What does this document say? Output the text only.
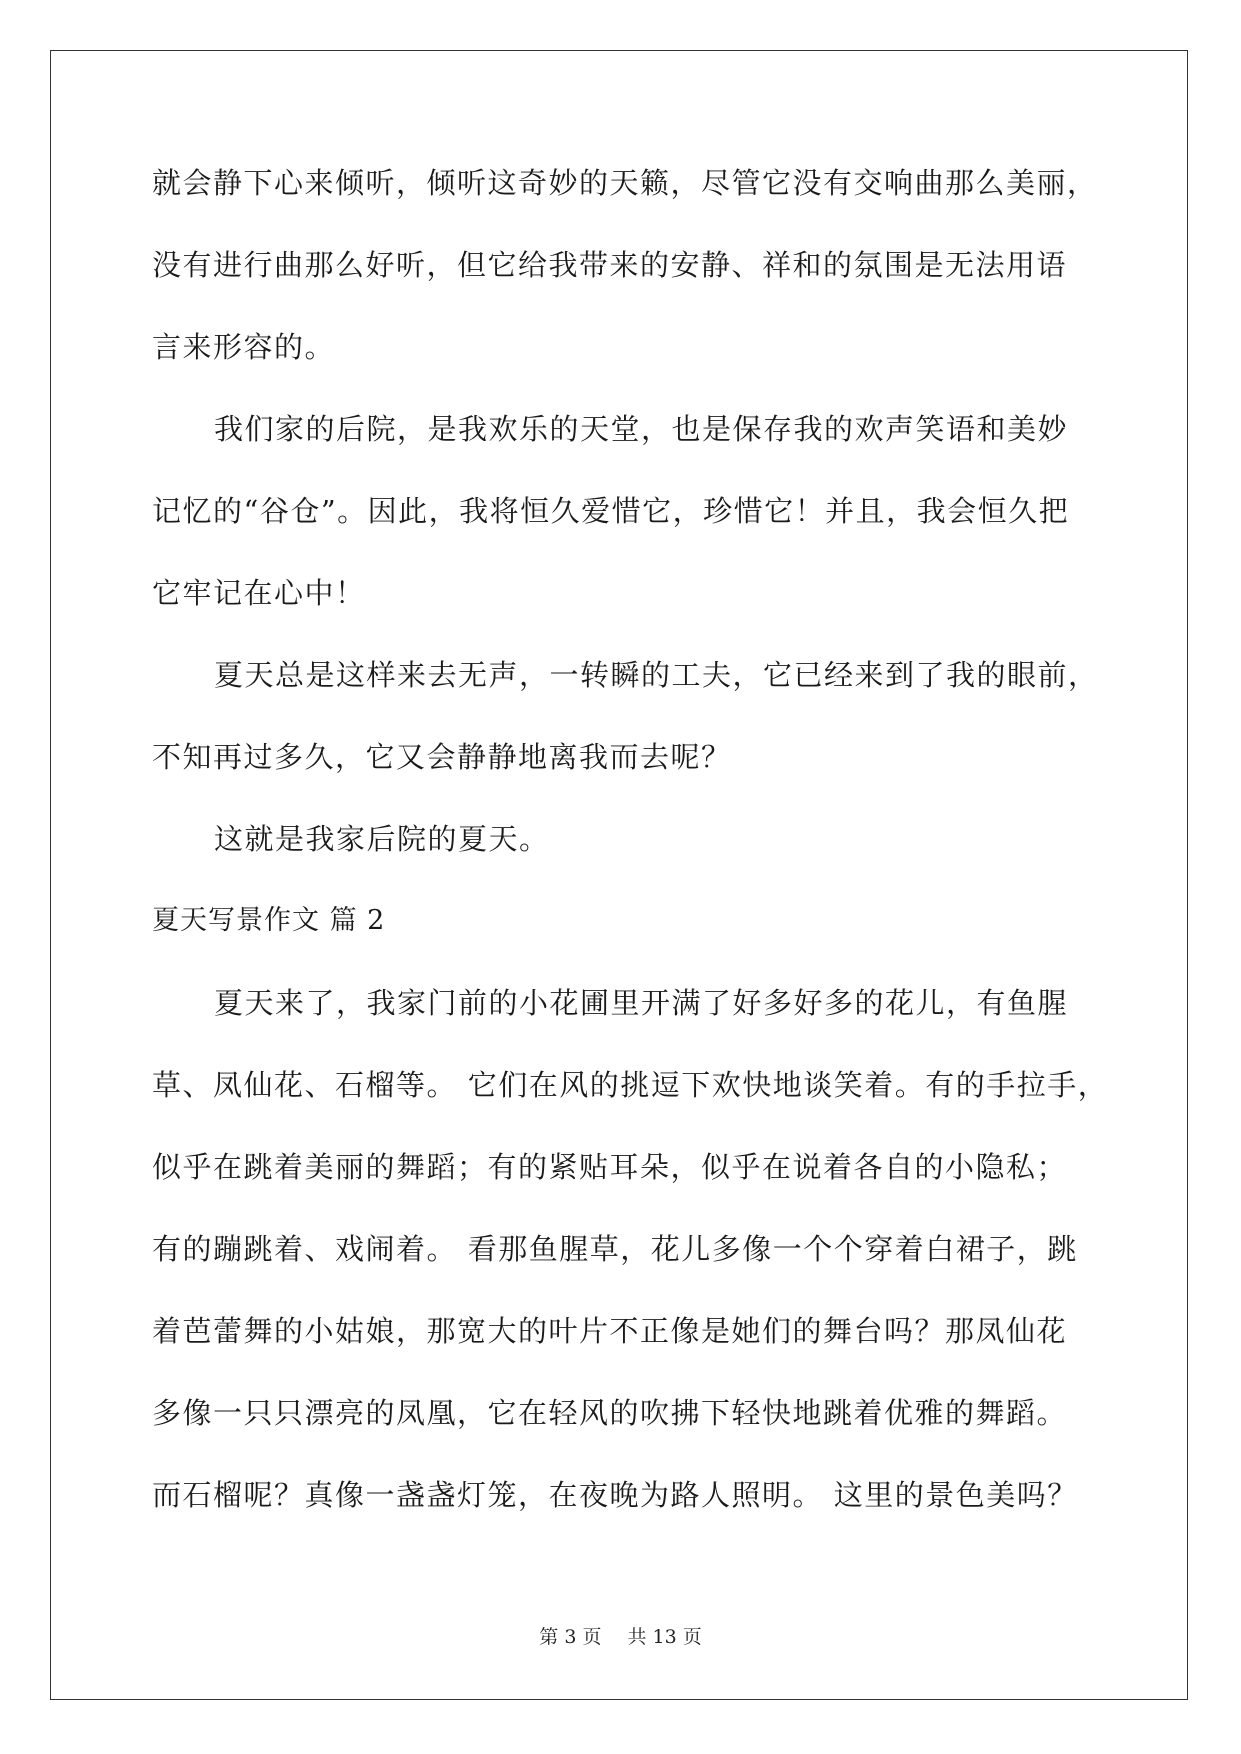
就会静下心来倾听，倾听这奇妙的天籁，尽管它没有交响曲那么美丽，
没有进行曲那么好听，但它给我带来的安静、祥和的氛围是无法用语
言来形容的。
我们家的后院，是我欢乐的天堂，也是保存我的欢声笑语和美妙
记忆的“谷仓”。因此，我将恒久爱惜它，珍惜它！并且，我会恒久把
它牢记在心中！
夏天总是这样来去无声，一转瞬的工夫，它已经来到了我的眼前，
不知再过多久，它又会静静地离我而去呢？
这就是我家后院的夏天。
夏天写景作文 篇 2
夏天来了，我家门前的小花圃里开满了好多好多的花儿，有鱼腥
草、凤仙花、石榴等。 它们在风的挑逗下欢快地谈笑着。有的手拉手，
似乎在跳着美丽的舞蹈；有的紧贴耳朵，似乎在说着各自的小隐私；
有的蹦跳着、戏闹着。 看那鱼腥草，花儿多像一个个穿着白裙子，跳
着芭蕾舞的小姑娘，那宽大的叶片不正像是她们的舞台吗？那凤仙花
多像一只只漂亮的凤凰，它在轻风的吹拂下轻快地跳着优雅的舞蹈。
而石榴呢？真像一盏盏灯笼，在夜晚为路人照明。 这里的景色美吗？
第 3 页 共 13 页
